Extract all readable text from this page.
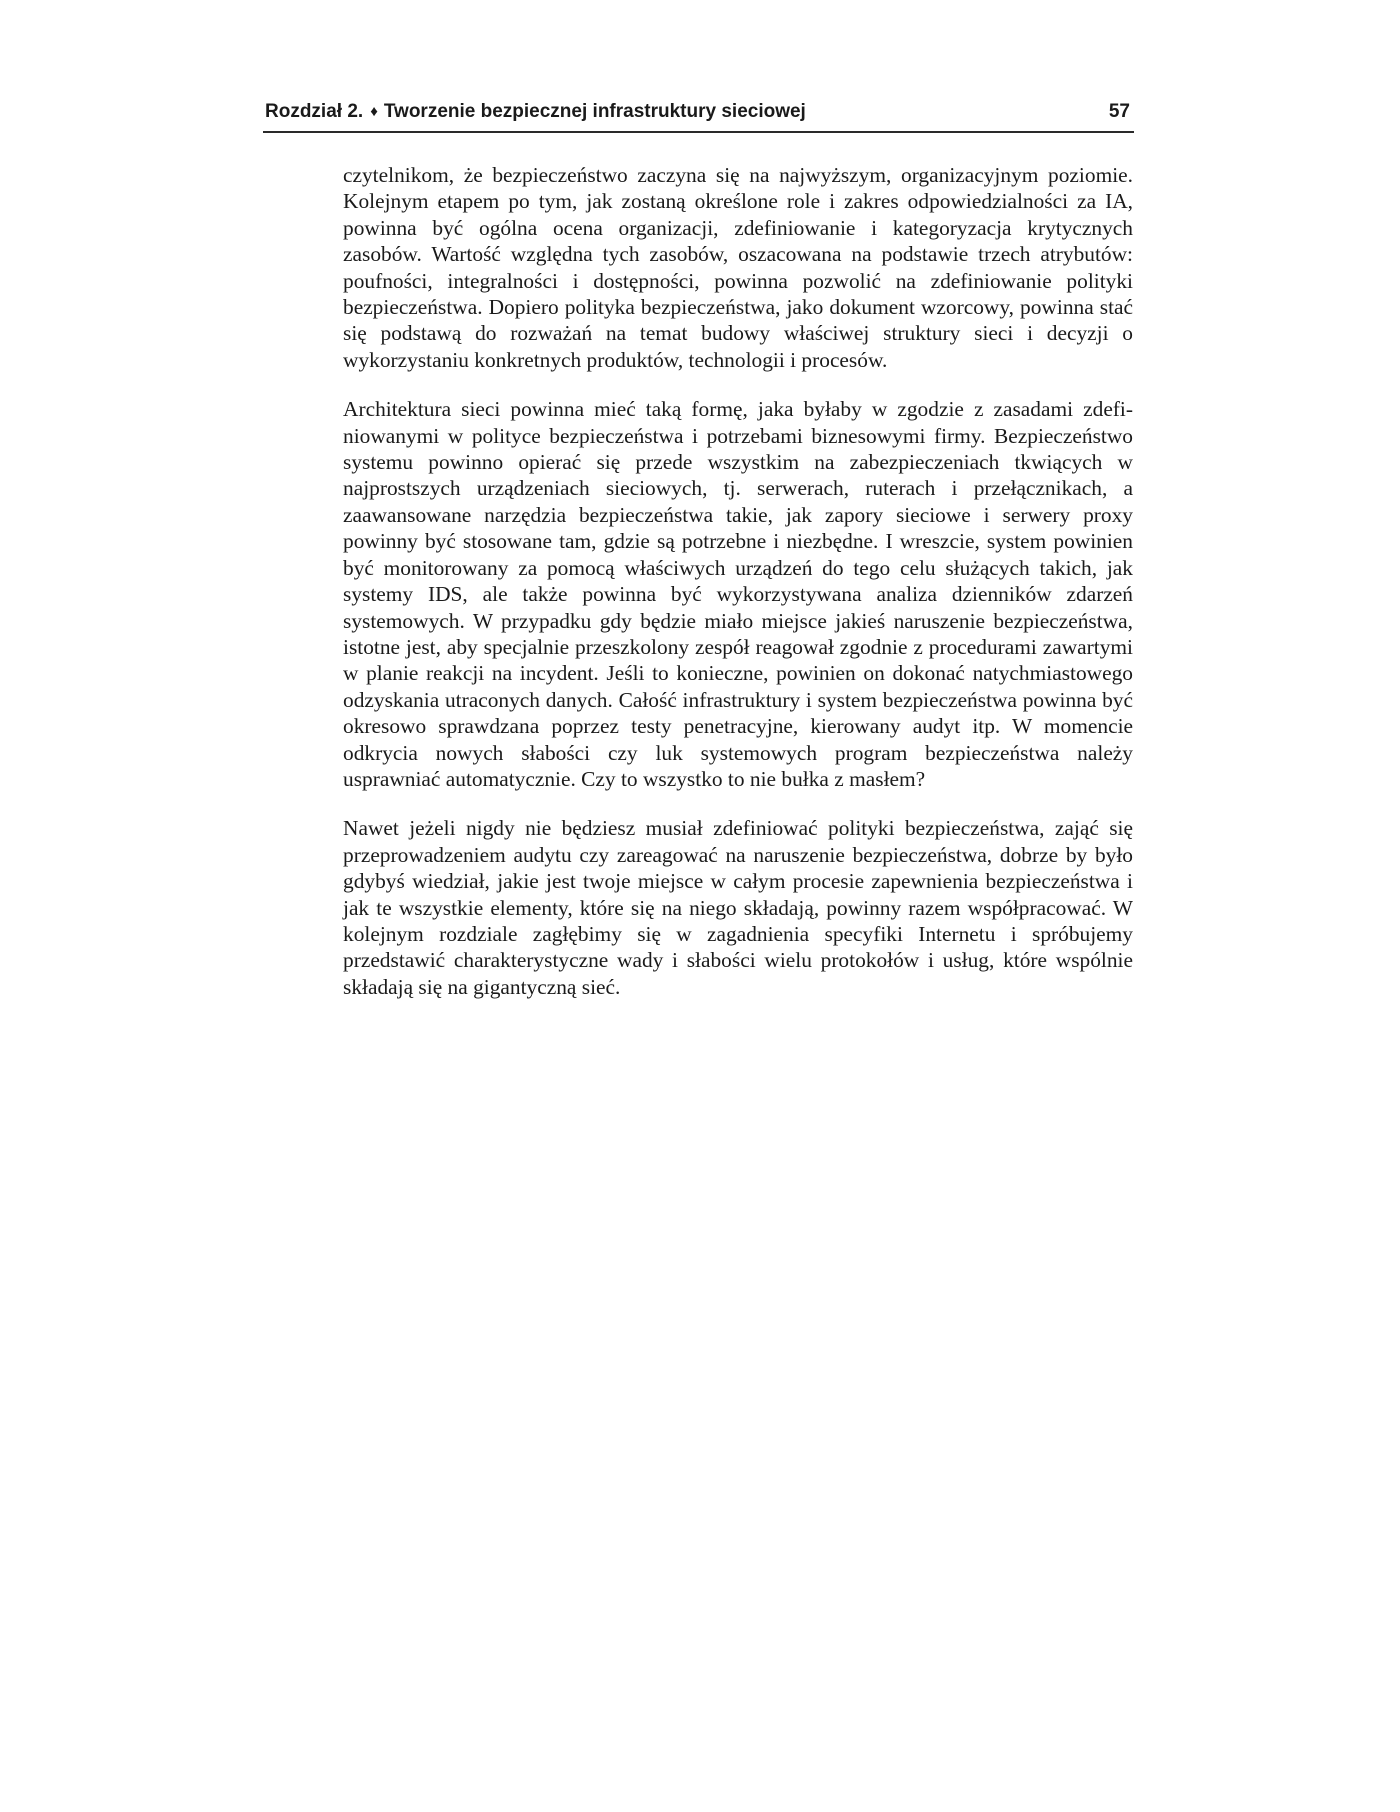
Rozdział 2. ♦ Tworzenie bezpiecznej infrastruktury sieciowej	57

czytelnikom, że bezpieczeństwo zaczyna się na najwyższym, organizacyjnym poziomie. Kolejnym etapem po tym, jak zostaną określone role i zakres odpowiedzialności za IA, powinna być ogólna ocena organizacji, zdefiniowanie i kategoryzacja krytycznych zasobów. Wartość względna tych zasobów, oszacowana na podstawie trzech atrybutów: poufności, integralności i dostępności, powinna pozwolić na zdefiniowanie polityki bezpieczeństwa. Dopiero polityka bezpieczeństwa, jako dokument wzorcowy, powinna stać się podstawą do rozważań na temat budowy właściwej struktury sieci i decyzji o wykorzystaniu konkretnych produktów, technologii i procesów.

Architektura sieci powinna mieć taką formę, jaka byłaby w zgodzie z zasadami zdefiniowanymi w polityce bezpieczeństwa i potrzebami biznesowymi firmy. Bezpieczeństwo systemu powinno opierać się przede wszystkim na zabezpieczeniach tkwiących w najprostszych urządzeniach sieciowych, tj. serwerach, ruterach i przełącznikach, a zaawansowane narzędzia bezpieczeństwa takie, jak zapory sieciowe i serwery proxy powinny być stosowane tam, gdzie są potrzebne i niezbędne. I wreszcie, system powinien być monitorowany za pomocą właściwych urządzeń do tego celu służących takich, jak systemy IDS, ale także powinna być wykorzystywana analiza dzienników zdarzeń systemowych. W przypadku gdy będzie miało miejsce jakieś naruszenie bezpieczeństwa, istotne jest, aby specjalnie przeszkolony zespół reagował zgodnie z procedurami zawartymi w planie reakcji na incydent. Jeśli to konieczne, powinien on dokonać natychmiastowego odzyskania utraconych danych. Całość infrastruktury i system bezpieczeństwa powinna być okresowo sprawdzana poprzez testy penetracyjne, kierowany audyt itp. W momencie odkrycia nowych słabości czy luk systemowych program bezpieczeństwa należy usprawniać automatycznie. Czy to wszystko to nie bułka z masłem?

Nawet jeżeli nigdy nie będziesz musiał zdefiniować polityki bezpieczeństwa, zająć się przeprowadzeniem audytu czy zareagować na naruszenie bezpieczeństwa, dobrze by było gdybyś wiedział, jakie jest twoje miejsce w całym procesie zapewnienia bezpieczeństwa i jak te wszystkie elementy, które się na niego składają, powinny razem współpracować. W kolejnym rozdziale zagłębimy się w zagadnienia specyfiki Internetu i spróbujemy przedstawić charakterystyczne wady i słabości wielu protokołów i usług, które wspólnie składają się na gigantyczną sieć.
